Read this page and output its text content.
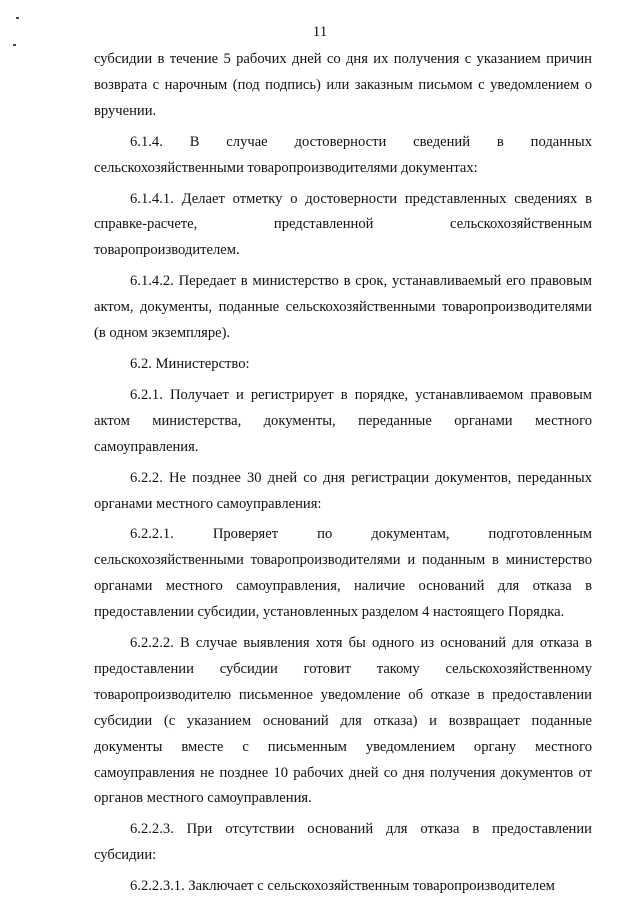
11

субсидии в течение 5 рабочих дней со дня их получения с указанием причин возврата с нарочным (под подпись) или заказным письмом с уведомлением о вручении.

6.1.4. В случае достоверности сведений в поданных сельскохозяйственными товаропроизводителями документах:

6.1.4.1. Делает отметку о достоверности представленных сведениях в справке-расчете, представленной сельскохозяйственным товаропроизводителем.

6.1.4.2. Передает в министерство в срок, устанавливаемый его правовым актом, документы, поданные сельскохозяйственными товаропроизводителями (в одном экземпляре).

6.2. Министерство:

6.2.1. Получает и регистрирует в порядке, устанавливаемом правовым актом министерства, документы, переданные органами местного самоуправления.

6.2.2. Не позднее 30 дней со дня регистрации документов, переданных органами местного самоуправления:

6.2.2.1. Проверяет по документам, подготовленным сельскохозяйственными товаропроизводителями и поданным в министерство органами местного самоуправления, наличие оснований для отказа в предоставлении субсидии, установленных разделом 4 настоящего Порядка.

6.2.2.2. В случае выявления хотя бы одного из оснований для отказа в предоставлении субсидии готовит такому сельскохозяйственному товаропроизводителю письменное уведомление об отказе в предоставлении субсидии (с указанием оснований для отказа) и возвращает поданные документы вместе с письменным уведомлением органу местного самоуправления не позднее 10 рабочих дней со дня получения документов от органов местного самоуправления.

6.2.2.3. При отсутствии оснований для отказа в предоставлении субсидии:

6.2.2.3.1. Заключает с сельскохозяйственным товаропроизводителем
